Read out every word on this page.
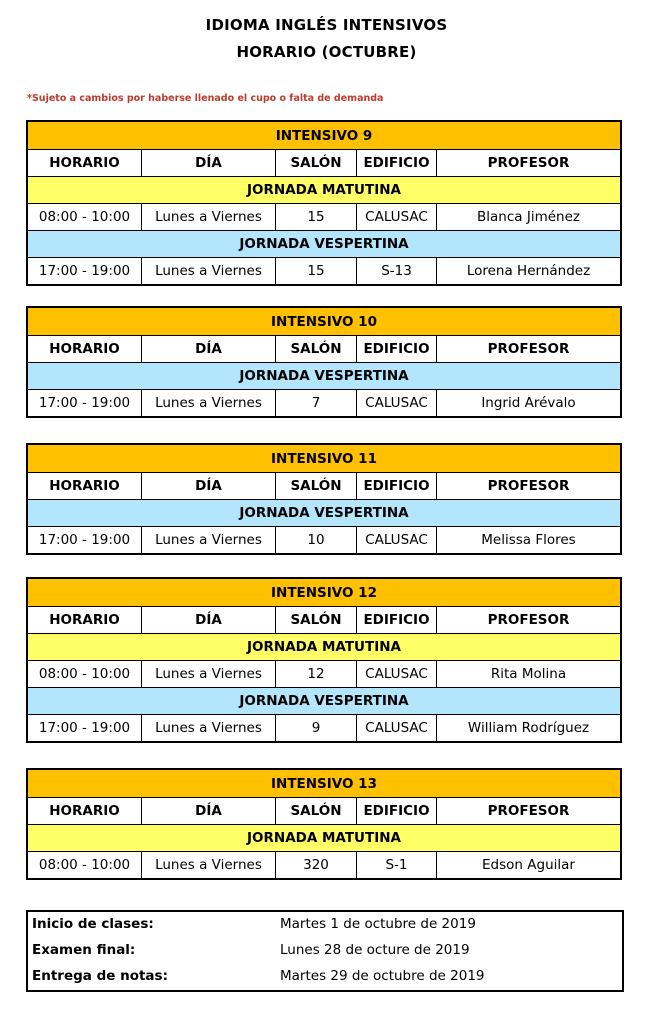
IDIOMA INGLÉS INTENSIVOS
HORARIO (OCTUBRE)
*Sujeto a cambios por haberse llenado el cupo o falta de demanda
INTENSIVO 9
HORARIO	DÍA	SALÓN	EDIFICIO	PROFESOR
JORNADA MATUTINA
08:00 - 10:00	Lunes a Viernes	15	CALUSAC	Blanca Jiménez
JORNADA VESPERTINA
17:00 - 19:00	Lunes a Viernes	15	S-13	Lorena Hernández
INTENSIVO 10
HORARIO	DÍA	SALÓN	EDIFICIO	PROFESOR
JORNADA VESPERTINA
17:00 - 19:00	Lunes a Viernes	7	CALUSAC	Ingrid Arévalo
INTENSIVO 11
HORARIO	DÍA	SALÓN	EDIFICIO	PROFESOR
JORNADA VESPERTINA
17:00 - 19:00	Lunes a Viernes	10	CALUSAC	Melissa Flores
INTENSIVO 12
HORARIO	DÍA	SALÓN	EDIFICIO	PROFESOR
JORNADA MATUTINA
08:00 - 10:00	Lunes a Viernes	12	CALUSAC	Rita Molina
JORNADA VESPERTINA
17:00 - 19:00	Lunes a Viernes	9	CALUSAC	William Rodríguez
INTENSIVO 13
HORARIO	DÍA	SALÓN	EDIFICIO	PROFESOR
JORNADA MATUTINA
08:00 - 10:00	Lunes a Viernes	320	S-1	Edson Aguilar
Inicio de clases:	Martes 1 de octubre de 2019
Examen final:	Lunes 28 de octure de 2019
Entrega de notas:	Martes 29 de octubre de 2019
